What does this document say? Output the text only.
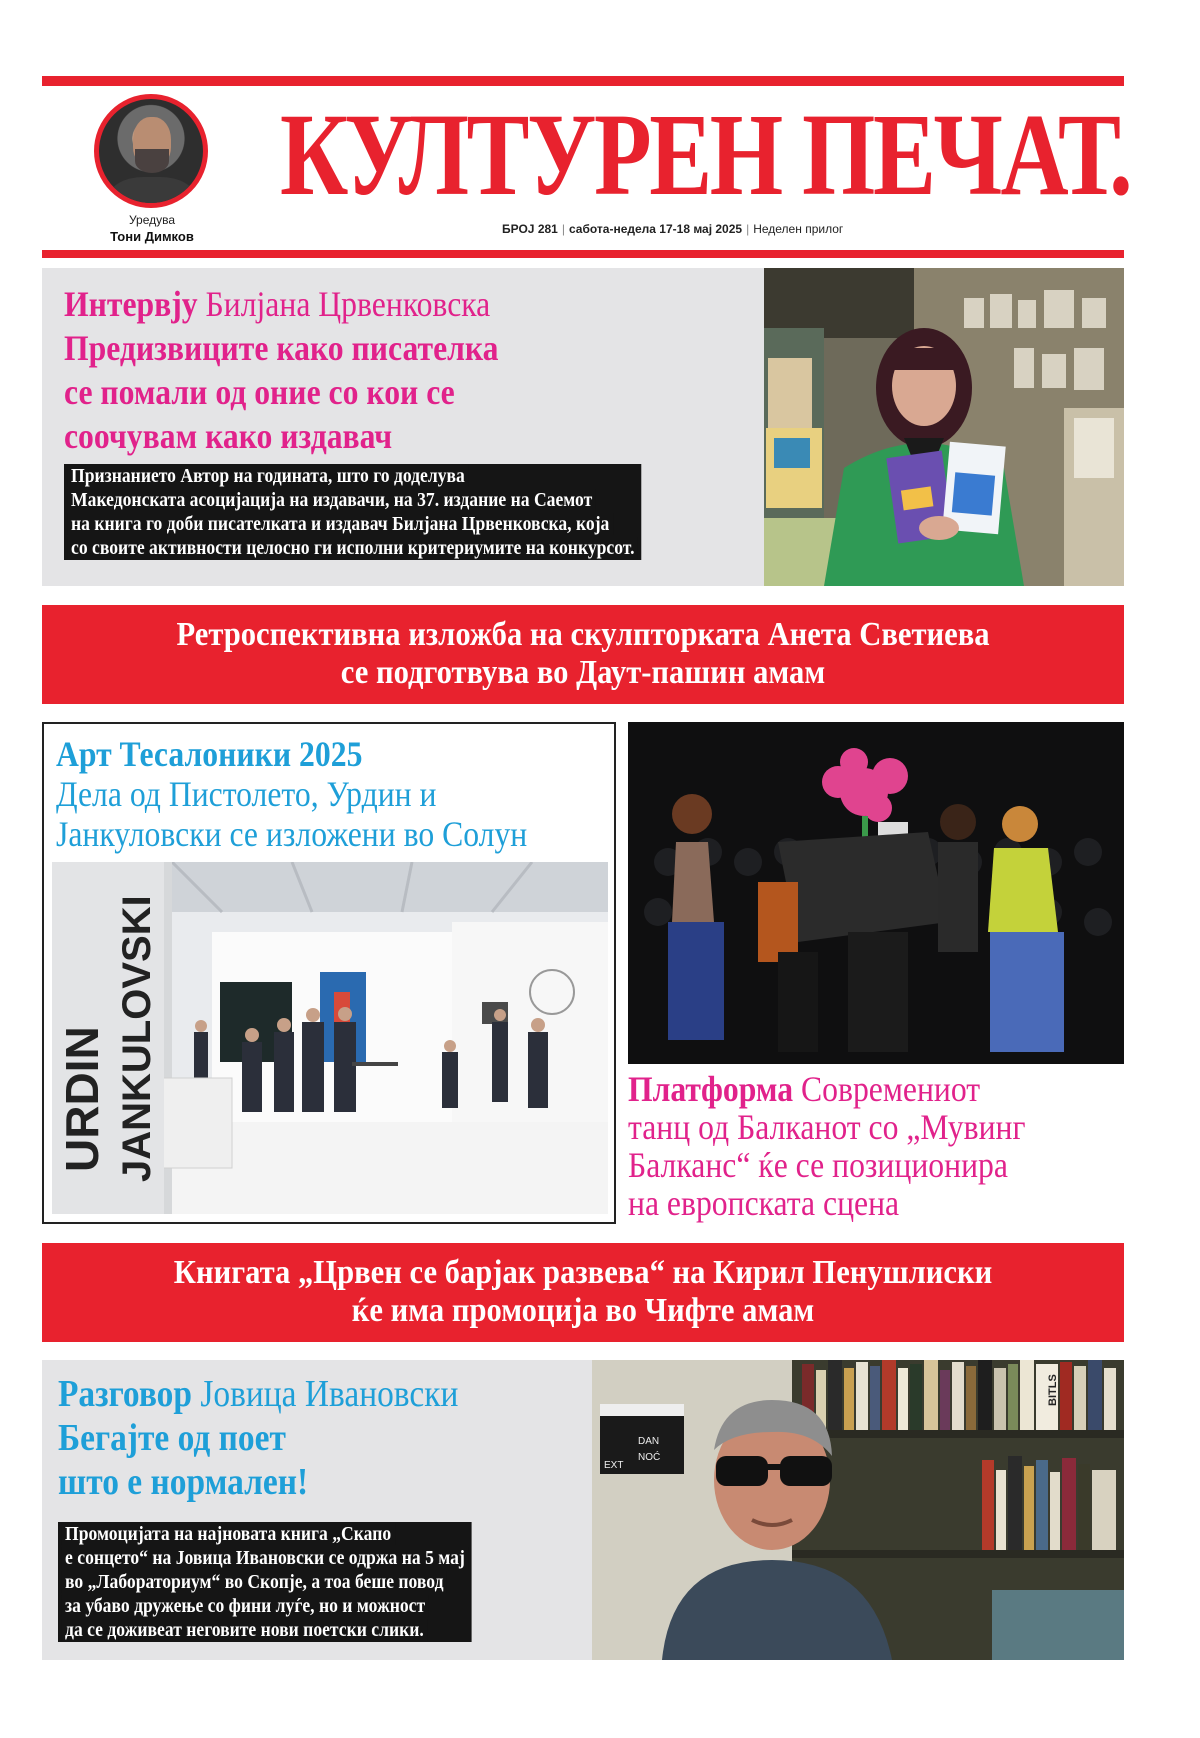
Уредува
Тони Димков
КУЛТУРЕН ПЕЧАТ.
БРОЈ 281 | сабота-недела 17-18 мај 2025 | Неделен прилог
Интервју Билјана Црвенковска
Предизвиците како писателка
се помали од оние со кои се
соочувам како издавач
Признанието Автор на годината, што го доделува
Македонската асоцијација на издавачи, на 37. издание на Саемот
на книга го доби писателката и издавач Билјана Црвенковска, која
со своите активности целосно ги исполни критериумите на конкурсот.
Ретроспективна изложба на скулпторката Анета Светиева
се подготвува во Даут-пашин амам
Арт Тесалоники 2025
Дела од Пистолето, Урдин и
Јанкуловски се изложени во Солун
URDIN JANKULOVSKI	Платформа Современиот
танц од Балканот со „Мувинг
Балканс“ ќе се позиционира
на европската сцена
Книгата „Црвен се барјак развева“ на Кирил Пенушлиски
ќе има промоција во Чифте амам
Разговор Јовица Ивановски
Бегајте од поет
што е нормален!
Промоцијата на најновата книга „Скапо
е сонцето“ на Јовица Ивановски се одржа на 5 мај
во „Лабораториум“ во Скопје, а тоа беше повод
за убаво дружење со фини луѓе, но и можност
да се доживеат неговите нови поетски слики.
BITLS
EXT
DAN
NOĆ
